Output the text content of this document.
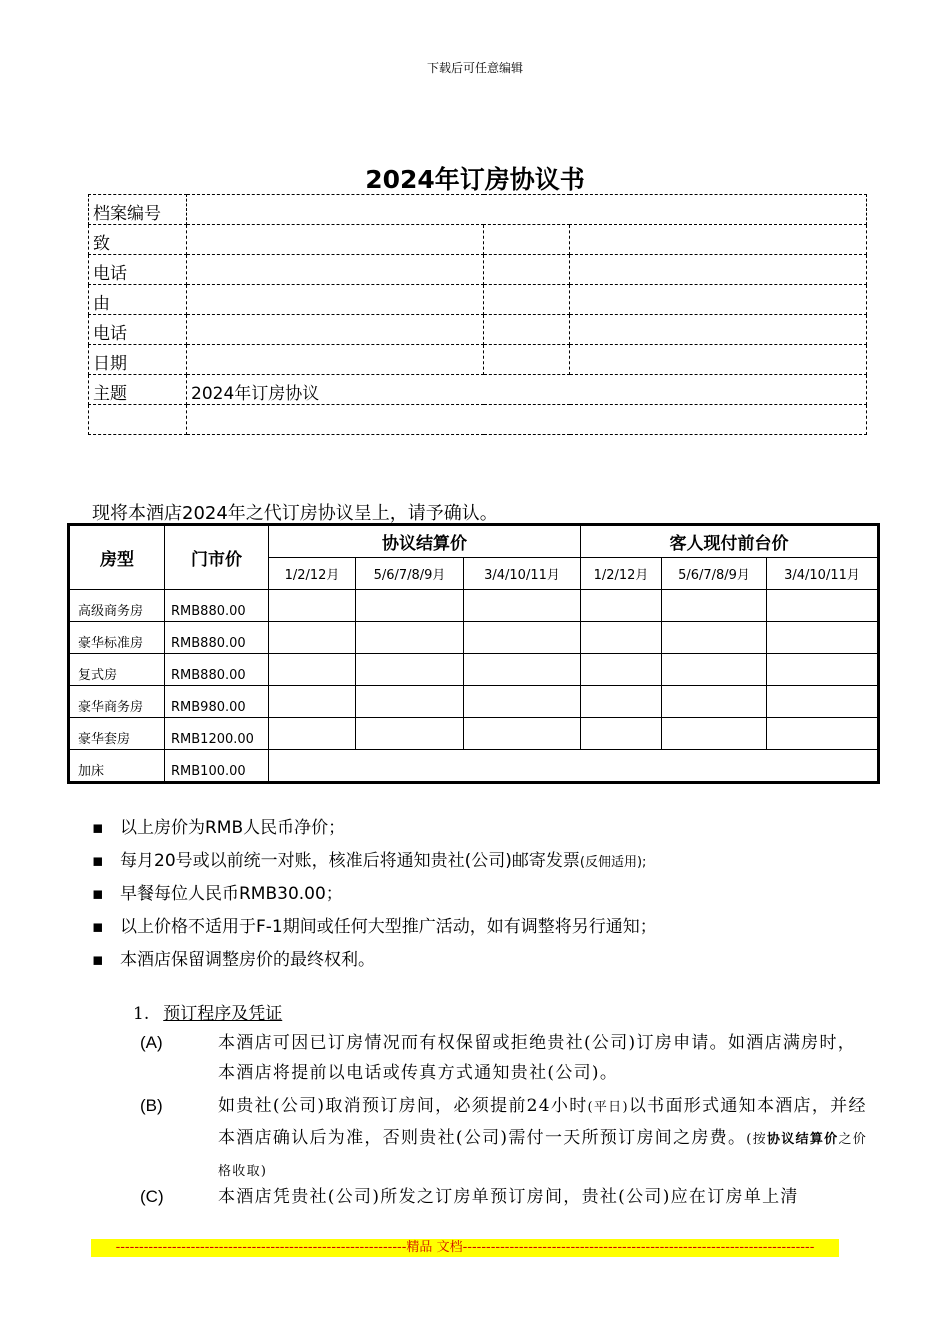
下载后可任意编辑
2024年订房协议书
档案编号			
致			
电话			
由			
电话			
日期			
主题	2024年订房协议		

现将本酒店2024年之代订房协议呈上，请予确认。
房型	门市价	协议结算价			客人现付前台价		
		1/2/12月	5/6/7/8/9月	3/4/10/11月	1/2/12月	5/6/7/8/9月	3/4/10/11月
高级商务房	RMB880.00						
豪华标准房	RMB880.00						
复式房	RMB880.00						
豪华商务房	RMB980.00						
豪华套房	RMB1200.00						
加床	RMB100.00						
▪ 以上房价为RMB人民币净价；
▪ 每月20号或以前统一对账，核准后将通知贵社(公司)邮寄发票(反佣适用);
▪ 早餐每位人民币RMB30.00；
▪ 以上价格不适用于F-1期间或任何大型推广活动，如有调整将另行通知；
▪ 本酒店保留调整房价的最终权利。
1. 预订程序及凭证
(A)	本酒店可因已订房情况而有权保留或拒绝贵社(公司)订房申请。如酒店满房时，本酒店将提前以电话或传真方式通知贵社(公司)。
(B)	如贵社(公司)取消预订房间，必须提前24小时(平日)以书面形式通知本酒店，并经本酒店确认后为准，否则贵社(公司)需付一天所预订房间之房费。(按协议结算价之价格收取)
(C)	本酒店凭贵社(公司)所发之订房单预订房间，贵社(公司)应在订房单上清
--------------------------------------------------------------精品 文档---------------------------------------------------------------------------
